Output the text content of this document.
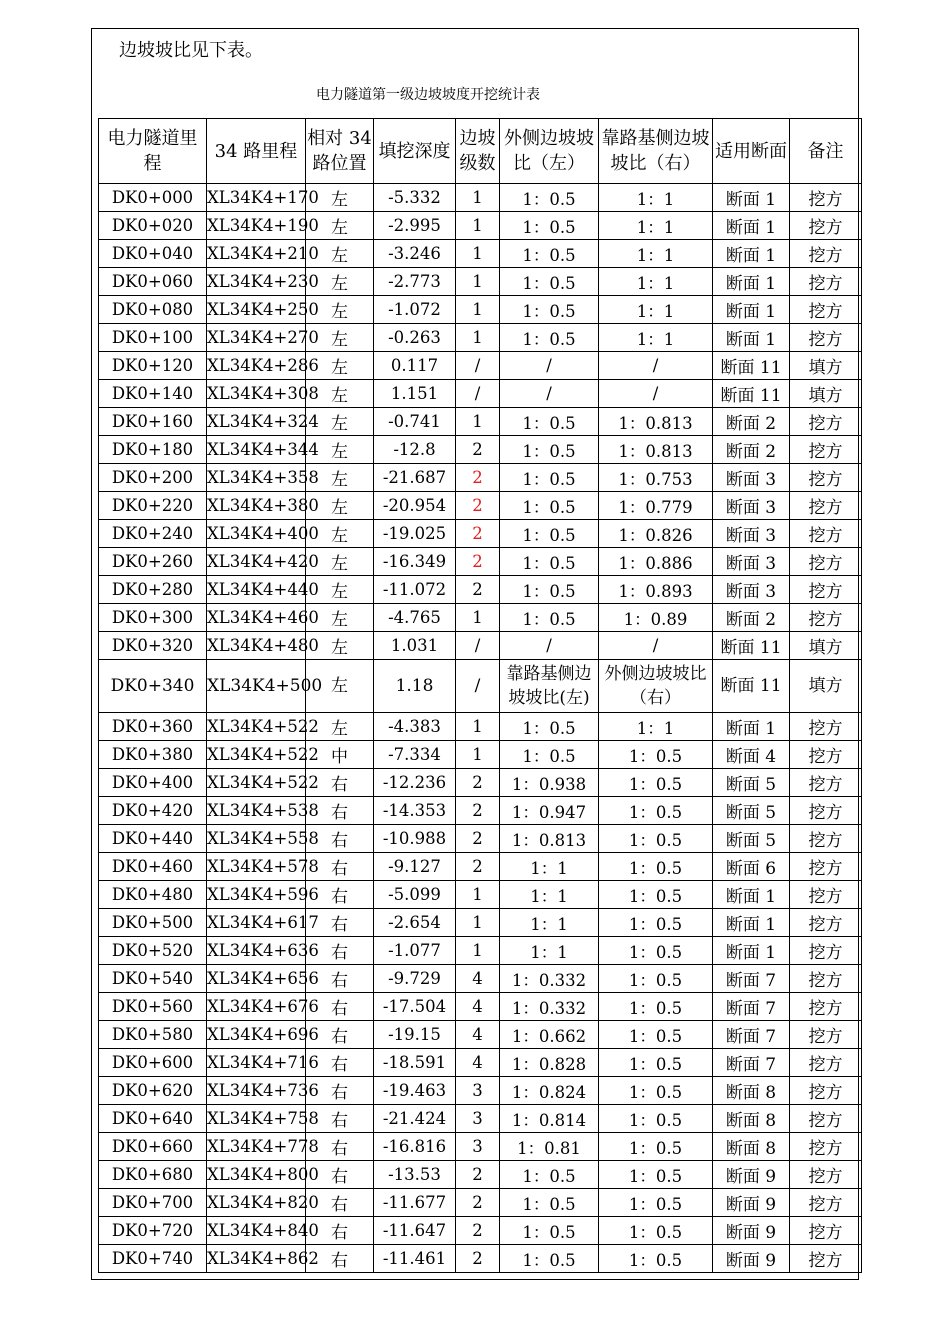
边坡坡比见下表。
电力隧道第一级边坡坡度开挖统计表
电力隧道里程	34 路里程	相对 34 路位置	填挖深度	边坡级数	外侧边坡坡比（左）	靠路基侧边坡坡比（右）	适用断面	备注
DK0+000	XL34K4+170	左	-5.332	1	1：0.5	1：1	断面 1	挖方
DK0+020	XL34K4+190	左	-2.995	1	1：0.5	1：1	断面 1	挖方
DK0+040	XL34K4+210	左	-3.246	1	1：0.5	1：1	断面 1	挖方
DK0+060	XL34K4+230	左	-2.773	1	1：0.5	1：1	断面 1	挖方
DK0+080	XL34K4+250	左	-1.072	1	1：0.5	1：1	断面 1	挖方
DK0+100	XL34K4+270	左	-0.263	1	1：0.5	1：1	断面 1	挖方
DK0+120	XL34K4+286	左	0.117	/	/	/	断面 11	填方
DK0+140	XL34K4+308	左	1.151	/	/	/	断面 11	填方
DK0+160	XL34K4+324	左	-0.741	1	1：0.5	1：0.813	断面 2	挖方
DK0+180	XL34K4+344	左	-12.8	2	1：0.5	1：0.813	断面 2	挖方
DK0+200	XL34K4+358	左	-21.687	2	1：0.5	1：0.753	断面 3	挖方
DK0+220	XL34K4+380	左	-20.954	2	1：0.5	1：0.779	断面 3	挖方
DK0+240	XL34K4+400	左	-19.025	2	1：0.5	1：0.826	断面 3	挖方
DK0+260	XL34K4+420	左	-16.349	2	1：0.5	1：0.886	断面 3	挖方
DK0+280	XL34K4+440	左	-11.072	2	1：0.5	1：0.893	断面 3	挖方
DK0+300	XL34K4+460	左	-4.765	1	1：0.5	1：0.89	断面 2	挖方
DK0+320	XL34K4+480	左	1.031	/	/	/	断面 11	填方
DK0+340	XL34K4+500	左	1.18	/	靠路基侧边坡坡比(左)	外侧边坡坡比（右）	断面 11	填方
DK0+360	XL34K4+522	左	-4.383	1	1：0.5	1：1	断面 1	挖方
DK0+380	XL34K4+522	中	-7.334	1	1：0.5	1：0.5	断面 4	挖方
DK0+400	XL34K4+522	右	-12.236	2	1：0.938	1：0.5	断面 5	挖方
DK0+420	XL34K4+538	右	-14.353	2	1：0.947	1：0.5	断面 5	挖方
DK0+440	XL34K4+558	右	-10.988	2	1：0.813	1：0.5	断面 5	挖方
DK0+460	XL34K4+578	右	-9.127	2	1：1	1：0.5	断面 6	挖方
DK0+480	XL34K4+596	右	-5.099	1	1：1	1：0.5	断面 1	挖方
DK0+500	XL34K4+617	右	-2.654	1	1：1	1：0.5	断面 1	挖方
DK0+520	XL34K4+636	右	-1.077	1	1：1	1：0.5	断面 1	挖方
DK0+540	XL34K4+656	右	-9.729	4	1：0.332	1：0.5	断面 7	挖方
DK0+560	XL34K4+676	右	-17.504	4	1：0.332	1：0.5	断面 7	挖方
DK0+580	XL34K4+696	右	-19.15	4	1：0.662	1：0.5	断面 7	挖方
DK0+600	XL34K4+716	右	-18.591	4	1：0.828	1：0.5	断面 7	挖方
DK0+620	XL34K4+736	右	-19.463	3	1：0.824	1：0.5	断面 8	挖方
DK0+640	XL34K4+758	右	-21.424	3	1：0.814	1：0.5	断面 8	挖方
DK0+660	XL34K4+778	右	-16.816	3	1：0.81	1：0.5	断面 8	挖方
DK0+680	XL34K4+800	右	-13.53	2	1：0.5	1：0.5	断面 9	挖方
DK0+700	XL34K4+820	右	-11.677	2	1：0.5	1：0.5	断面 9	挖方
DK0+720	XL34K4+840	右	-11.647	2	1：0.5	1：0.5	断面 9	挖方
DK0+740	XL34K4+862	右	-11.461	2	1：0.5	1：0.5	断面 9	挖方
